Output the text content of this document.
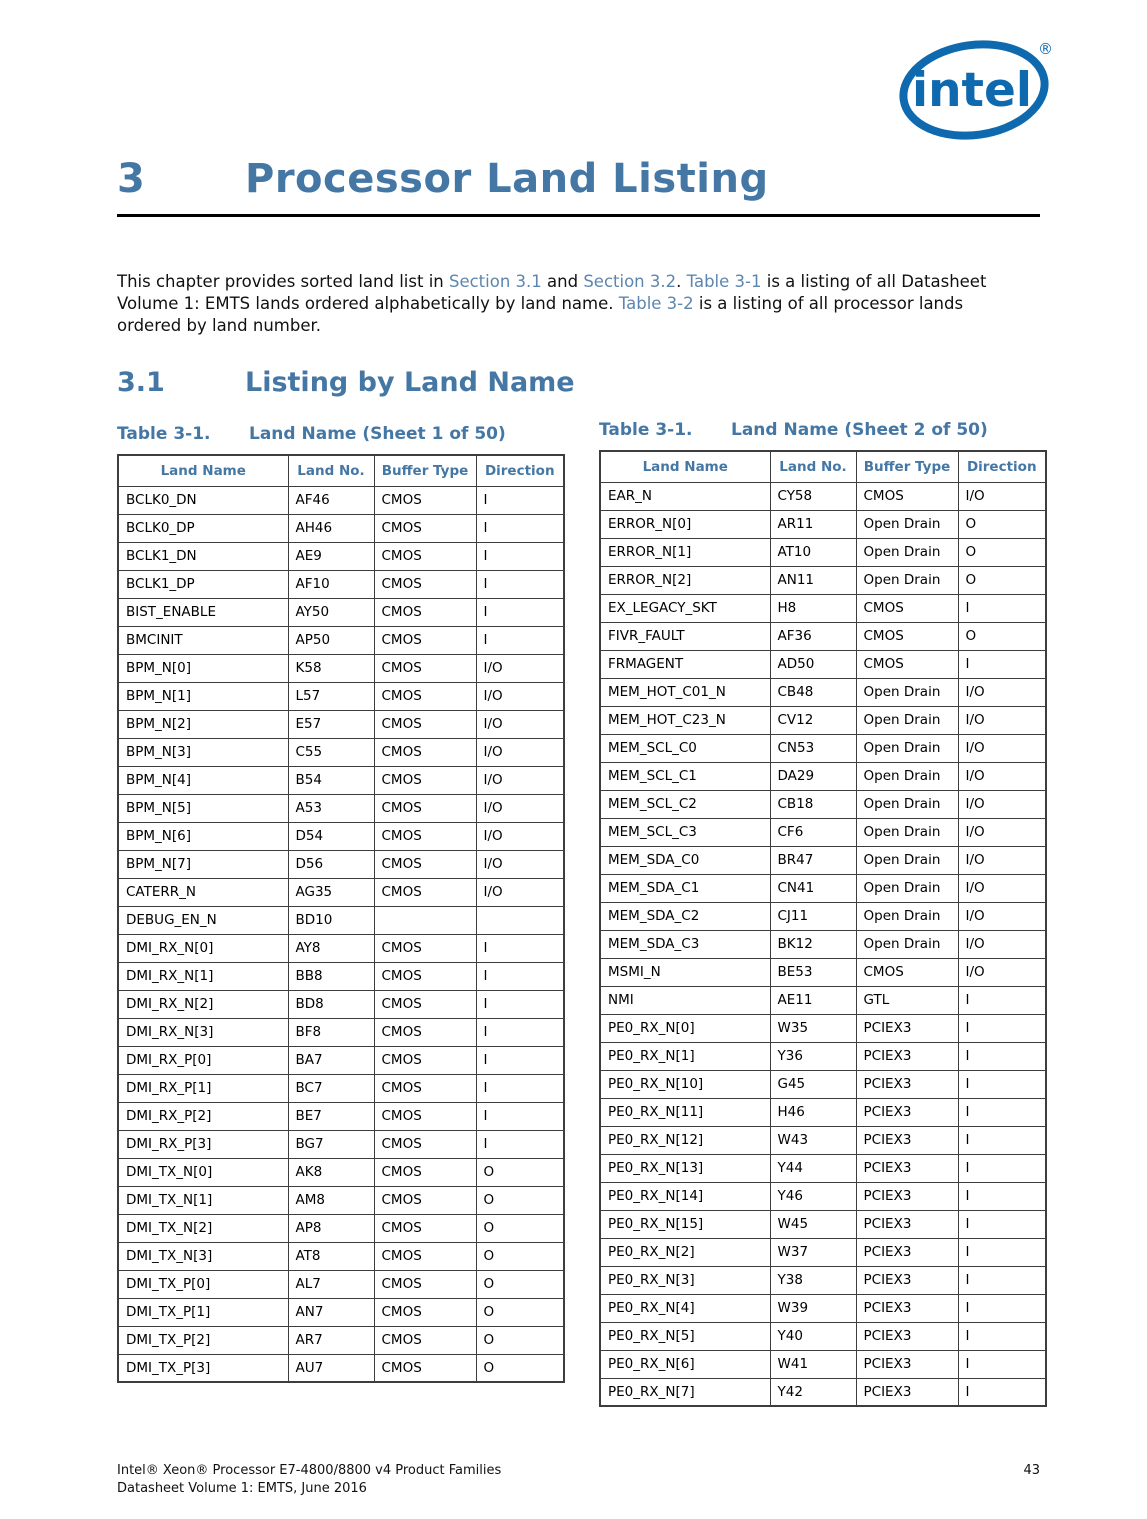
intel
®
3	Processor Land Listing

This chapter provides sorted land list in Section 3.1 and Section 3.2. Table 3-1 is a listing of all Datasheet Volume 1: EMTS lands ordered alphabetically by land name. Table 3-2 is a listing of all processor lands ordered by land number.

3.1	Listing by Land Name
Table 3-1.	Land Name (Sheet 1 of 50)
Land Name	Land No.	Buffer Type	Direction
BCLK0_DN	AF46	CMOS	I
BCLK0_DP	AH46	CMOS	I
BCLK1_DN	AE9	CMOS	I
BCLK1_DP	AF10	CMOS	I
BIST_ENABLE	AY50	CMOS	I
BMCINIT	AP50	CMOS	I
BPM_N[0]	K58	CMOS	I/O
BPM_N[1]	L57	CMOS	I/O
BPM_N[2]	E57	CMOS	I/O
BPM_N[3]	C55	CMOS	I/O
BPM_N[4]	B54	CMOS	I/O
BPM_N[5]	A53	CMOS	I/O
BPM_N[6]	D54	CMOS	I/O
BPM_N[7]	D56	CMOS	I/O
CATERR_N	AG35	CMOS	I/O
DEBUG_EN_N	BD10		
DMI_RX_N[0]	AY8	CMOS	I
DMI_RX_N[1]	BB8	CMOS	I
DMI_RX_N[2]	BD8	CMOS	I
DMI_RX_N[3]	BF8	CMOS	I
DMI_RX_P[0]	BA7	CMOS	I
DMI_RX_P[1]	BC7	CMOS	I
DMI_RX_P[2]	BE7	CMOS	I
DMI_RX_P[3]	BG7	CMOS	I
DMI_TX_N[0]	AK8	CMOS	O
DMI_TX_N[1]	AM8	CMOS	O
DMI_TX_N[2]	AP8	CMOS	O
DMI_TX_N[3]	AT8	CMOS	O
DMI_TX_P[0]	AL7	CMOS	O
DMI_TX_P[1]	AN7	CMOS	O
DMI_TX_P[2]	AR7	CMOS	O
DMI_TX_P[3]	AU7	CMOS	O
Table 3-1.	Land Name (Sheet 2 of 50)
Land Name	Land No.	Buffer Type	Direction
EAR_N	CY58	CMOS	I/O
ERROR_N[0]	AR11	Open Drain	O
ERROR_N[1]	AT10	Open Drain	O
ERROR_N[2]	AN11	Open Drain	O
EX_LEGACY_SKT	H8	CMOS	I
FIVR_FAULT	AF36	CMOS	O
FRMAGENT	AD50	CMOS	I
MEM_HOT_C01_N	CB48	Open Drain	I/O
MEM_HOT_C23_N	CV12	Open Drain	I/O
MEM_SCL_C0	CN53	Open Drain	I/O
MEM_SCL_C1	DA29	Open Drain	I/O
MEM_SCL_C2	CB18	Open Drain	I/O
MEM_SCL_C3	CF6	Open Drain	I/O
MEM_SDA_C0	BR47	Open Drain	I/O
MEM_SDA_C1	CN41	Open Drain	I/O
MEM_SDA_C2	CJ11	Open Drain	I/O
MEM_SDA_C3	BK12	Open Drain	I/O
MSMI_N	BE53	CMOS	I/O
NMI	AE11	GTL	I
PE0_RX_N[0]	W35	PCIEX3	I
PE0_RX_N[1]	Y36	PCIEX3	I
PE0_RX_N[10]	G45	PCIEX3	I
PE0_RX_N[11]	H46	PCIEX3	I
PE0_RX_N[12]	W43	PCIEX3	I
PE0_RX_N[13]	Y44	PCIEX3	I
PE0_RX_N[14]	Y46	PCIEX3	I
PE0_RX_N[15]	W45	PCIEX3	I
PE0_RX_N[2]	W37	PCIEX3	I
PE0_RX_N[3]	Y38	PCIEX3	I
PE0_RX_N[4]	W39	PCIEX3	I
PE0_RX_N[5]	Y40	PCIEX3	I
PE0_RX_N[6]	W41	PCIEX3	I
PE0_RX_N[7]	Y42	PCIEX3	I
Intel® Xeon® Processor E7-4800/8800 v4 Product Families
Datasheet Volume 1: EMTS, June 2016
43
